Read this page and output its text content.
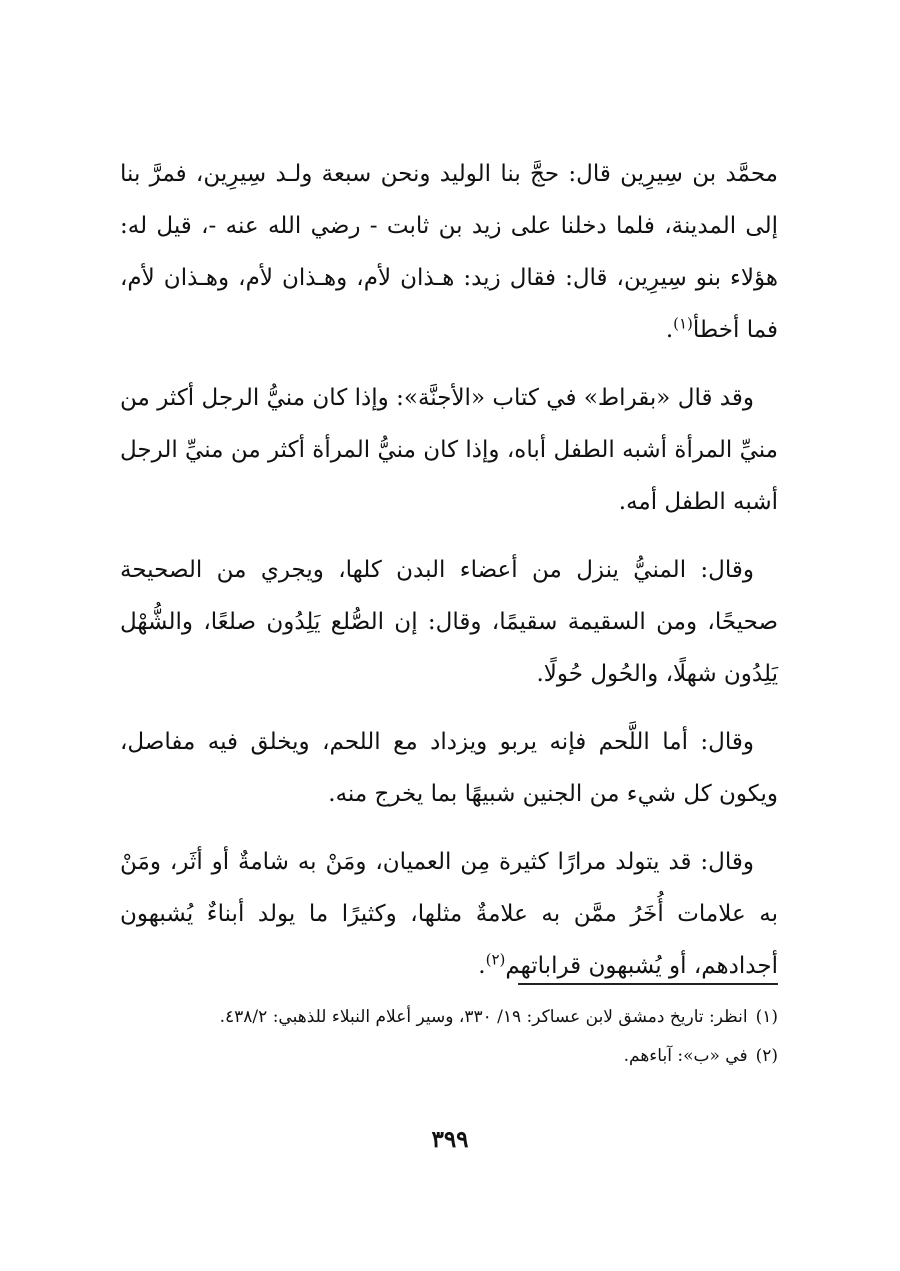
محمَّد بن سِيرِين قال: حجَّ بنا الوليد ونحن سبعة ولـد سِيرِين، فمرَّ بنا إلى المدينة، فلما دخلنا على زيد بن ثابت - رضي الله عنه -، قيل له: هؤلاء بنو سِيرِين، قال: فقال زيد: هـذان لأم، وهـذان لأم، وهـذان لأم، فما أخطأ$^{(١)}$.

وقد قال «بقراط» في كتاب «الأجنَّة»: وإذا كان منيُّ الرجل أكثر من منيِّ المرأة أشبه الطفل أباه، وإذا كان منيُّ المرأة أكثر من منيِّ الرجل أشبه الطفل أمه.

وقال: المنيُّ ينزل من أعضاء البدن كلها، ويجري من الصحيحة صحيحًا، ومن السقيمة سقيمًا، وقال: إن الصُّلع يَلِدُون صلعًا، والشُّهْل يَلِدُون شهلًا، والحُول حُولًا.

وقال: أما اللَّحم فإنه يربو ويزداد مع اللحم، ويخلق فيه مفاصل، ويكون كل شيء من الجنين شبيهًا بما يخرج منه.

وقال: قد يتولد مرارًا كثيرة مِن العميان، ومَنْ به شامةٌ أو أثَر، ومَنْ به علامات أُخَرُ ممَّن به علامةٌ مثلها، وكثيرًا ما يولد أبناءٌ يُشبهون أجدادهم، أو يُشبهون قراباتهم$^{(٢)}$.

(١)
انظر: تاريخ دمشق لابن عساكر: ١٩/ ٣٣٠، وسير أعلام النبلاء للذهبي: ٤٣٨/٢.
(٢)
في «ب»: آباءهم.
٣٩٩
